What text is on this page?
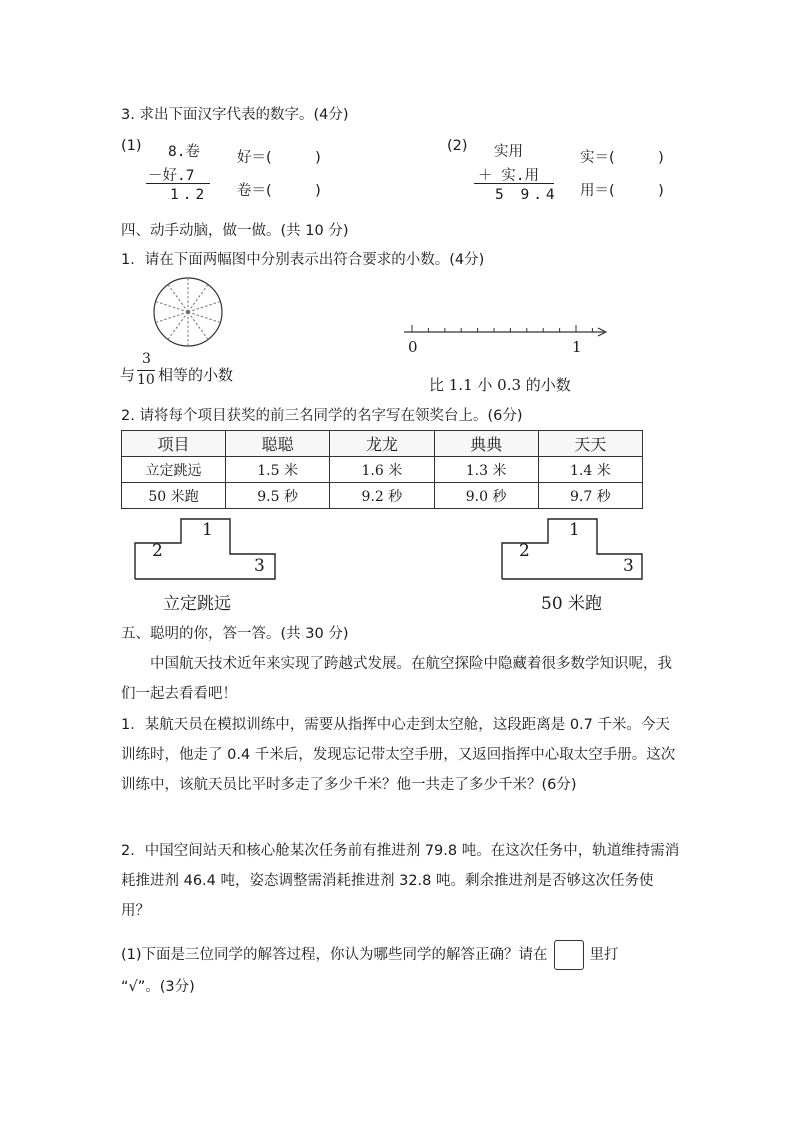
3. 求出下面汉字代表的数字。(4分)
(1) 8.卷
－好.7
1.2
好＝(　　　)
卷＝(　　　)
(2) 实用
＋ 实.用
5 9.4
实＝(　　　)
用＝(　　　)
四、动手动脑，做一做。(共 10 分)
1．请在下面两幅图中分别表示出符合要求的小数。(4分)
与
3
10 相等的小数
0	1
比 1.1 小 0.3 的小数
2. 请将每个项目获奖的前三名同学的名字写在领奖台上。(6分)
项目	聪聪	龙龙	典典	天天
立定跳远	1.5 米	1.6 米	1.3 米	1.4 米
50 米跑	9.5 秒	9.2 秒	9.0 秒	9.7 秒
1
2
3
立定跳远
1
2
3
50 米跑
五、聪明的你，答一答。(共 30 分)
中国航天技术近年来实现了跨越式发展。在航空探险中隐藏着很多数学知识呢，我们一起去看看吧！
1．某航天员在模拟训练中，需要从指挥中心走到太空舱，这段距离是 0.7 千米。今天训练时，他走了 0.4 千米后，发现忘记带太空手册，又返回指挥中心取太空手册。这次训练中，该航天员比平时多走了多少千米？他一共走了多少千米？(6分)
2．中国空间站天和核心舱某次任务前有推进剂 79.8 吨。在这次任务中，轨道维持需消耗推进剂 46.4 吨，姿态调整需消耗推进剂 32.8 吨。剩余推进剂是否够这次任务使用？
(1)下面是三位同学的解答过程，你认为哪些同学的解答正确？请在	里打
“√”。(3分)
